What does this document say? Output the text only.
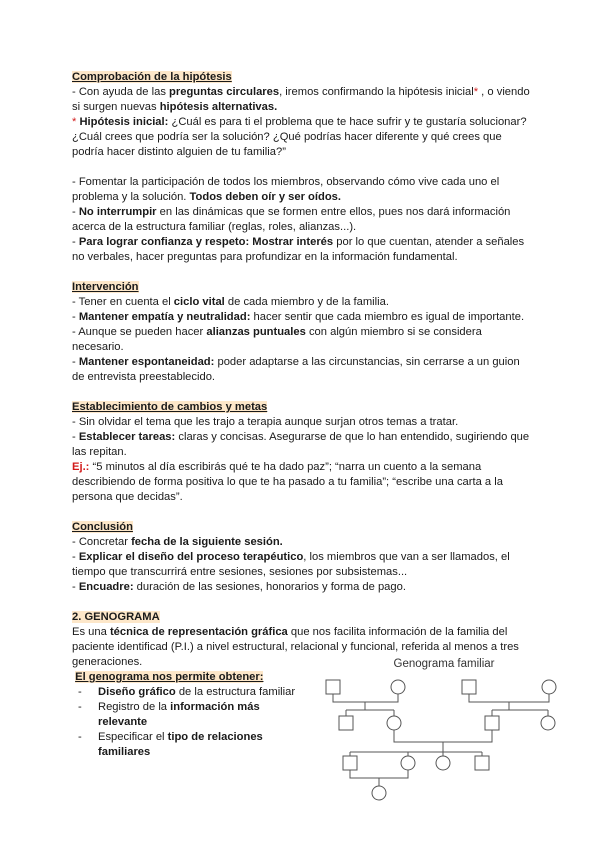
Comprobación de la hipótesis

- Con ayuda de las preguntas circulares, iremos confirmando la hipótesis inicial* , o viendo si surgen nuevas hipótesis alternativas.

* Hipótesis inicial: ¿Cuál es para ti el problema que te hace sufrir y te gustaría solucionar? ¿Cuál crees que podría ser la solución? ¿Qué podrías hacer diferente y qué crees que podría hacer distinto alguien de tu familia?”

- Fomentar la participación de todos los miembros, observando cómo vive cada uno el problema y la solución. Todos deben oír y ser oídos.

- No interrumpir en las dinámicas que se formen entre ellos, pues nos dará información acerca de la estructura familiar (reglas, roles, alianzas...).

- Para lograr confianza y respeto: Mostrar interés por lo que cuentan, atender a señales no verbales, hacer preguntas para profundizar en la información fundamental.

Intervención

- Tener en cuenta el ciclo vital de cada miembro y de la familia.

- Mantener empatía y neutralidad: hacer sentir que cada miembro es igual de importante.

- Aunque se pueden hacer alianzas puntuales con algún miembro si se considera necesario.

- Mantener espontaneidad: poder adaptarse a las circunstancias, sin cerrarse a un guion de entrevista preestablecido.

Establecimiento de cambios y metas

- Sin olvidar el tema que les trajo a terapia aunque surjan otros temas a tratar.

- Establecer tareas: claras y concisas. Asegurarse de que lo han entendido, sugiriendo que las repitan.

Ej.: “5 minutos al día escribirás qué te ha dado paz”; “narra un cuento a la semana describiendo de forma positiva lo que te ha pasado a tu familia”; “escribe una carta a la persona que decidas”.

Conclusión

- Concretar fecha de la siguiente sesión.

- Explicar el diseño del proceso terapéutico, los miembros que van a ser llamados, el tiempo que transcurrirá entre sesiones, sesiones por subsistemas...

- Encuadre: duración de las sesiones, honorarios y forma de pago.

2. GENOGRAMA

Es una técnica de representación gráfica que nos facilita información de la familia del paciente identificad (P.I.) a nivel estructural, relacional y funcional, referida al menos a tres generaciones.

El genograma nos permite obtener:

- Diseño gráfico de la estructura familiar
- Registro de la información más relevante
- Especificar el tipo de relaciones familiares
Genograma familiar
